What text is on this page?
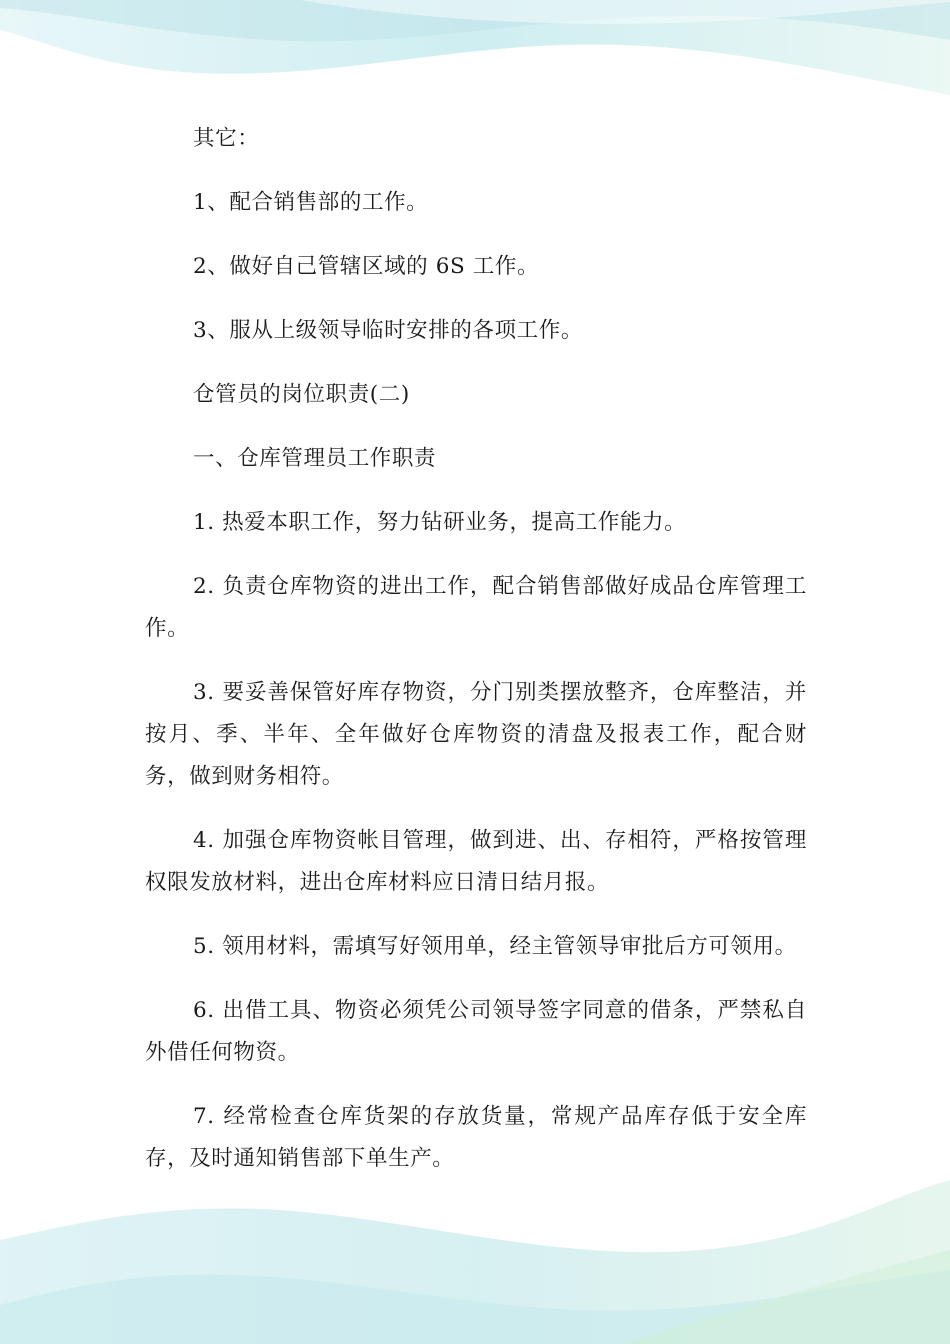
其它：

1、配合销售部的工作。

2、做好自己管辖区域的 6S 工作。

3、服从上级领导临时安排的各项工作。

仓管员的岗位职责(二)

一、仓库管理员工作职责

1. 热爱本职工作，努力钻研业务，提高工作能力。

2. 负责仓库物资的进出工作，配合销售部做好成品仓库管理工作。

3. 要妥善保管好库存物资，分门别类摆放整齐，仓库整洁，并按月、季、半年、全年做好仓库物资的清盘及报表工作，配合财务，做到财务相符。

4. 加强仓库物资帐目管理，做到进、出、存相符，严格按管理权限发放材料，进出仓库材料应日清日结月报。

5. 领用材料，需填写好领用单，经主管领导审批后方可领用。

6. 出借工具、物资必须凭公司领导签字同意的借条，严禁私自外借任何物资。

7. 经常检查仓库货架的存放货量，常规产品库存低于安全库存，及时通知销售部下单生产。
